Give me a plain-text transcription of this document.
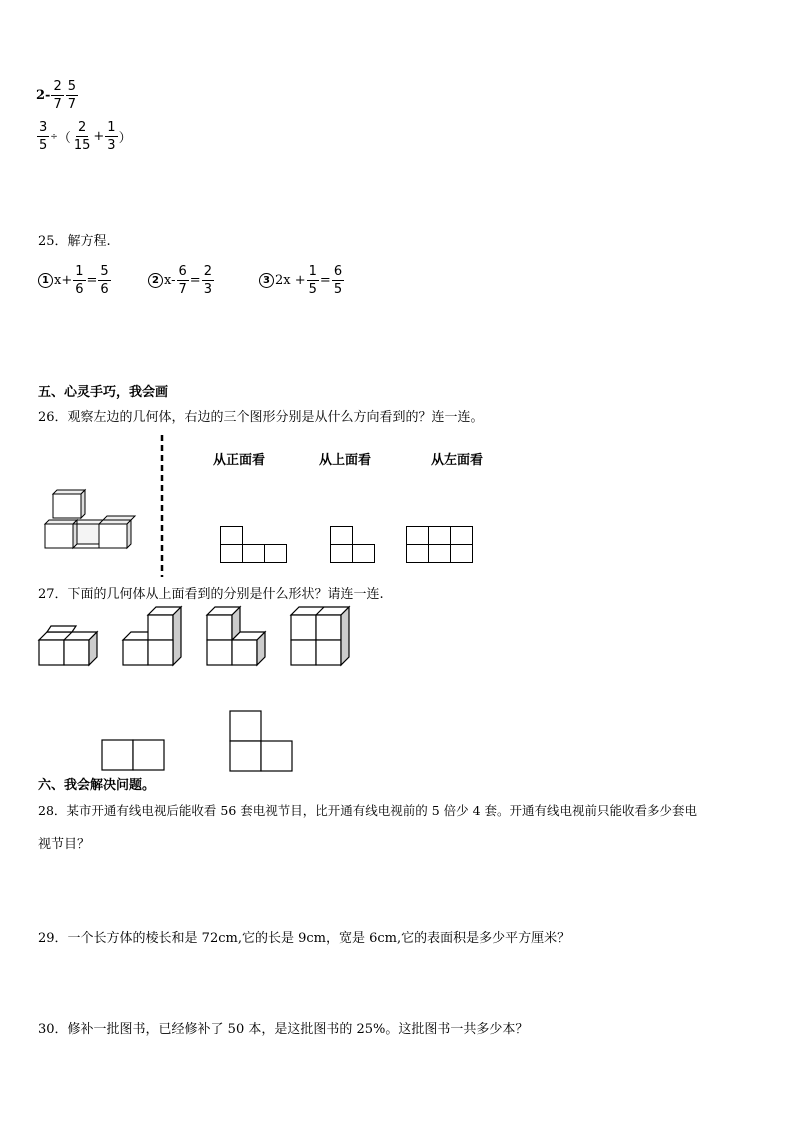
$2- \frac{2}{7} \frac{5}{7}$
$\frac{3}{5}$ ÷ （ $\frac{2}{15} + \frac{1}{3}$ ）
25．解方程.
1 $x+ \frac{1}{6} = \frac{5}{6}$	2 $x- \frac{6}{7} = \frac{2}{3}$	3 $2x + \frac{1}{5} = \frac{6}{5}$
五、心灵手巧，我会画
26．观察左边的几何体，右边的三个图形分别是从什么方向看到的？连一连。
从正面看	从上面看	从左面看
27．下面的几何体从上面看到的分别是什么形状？请连一连.
六、我会解决问题。
28．某市开通有线电视后能收看 56 套电视节目，比开通有线电视前的 5 倍少 4 套。开通有线电视前只能收看多少套电
视节目？
29．一个长方体的棱长和是 72cm,它的长是 9cm，宽是 6cm,它的表面积是多少平方厘米？
30．修补一批图书，已经修补了 50 本，是这批图书的 25%。这批图书一共多少本？
